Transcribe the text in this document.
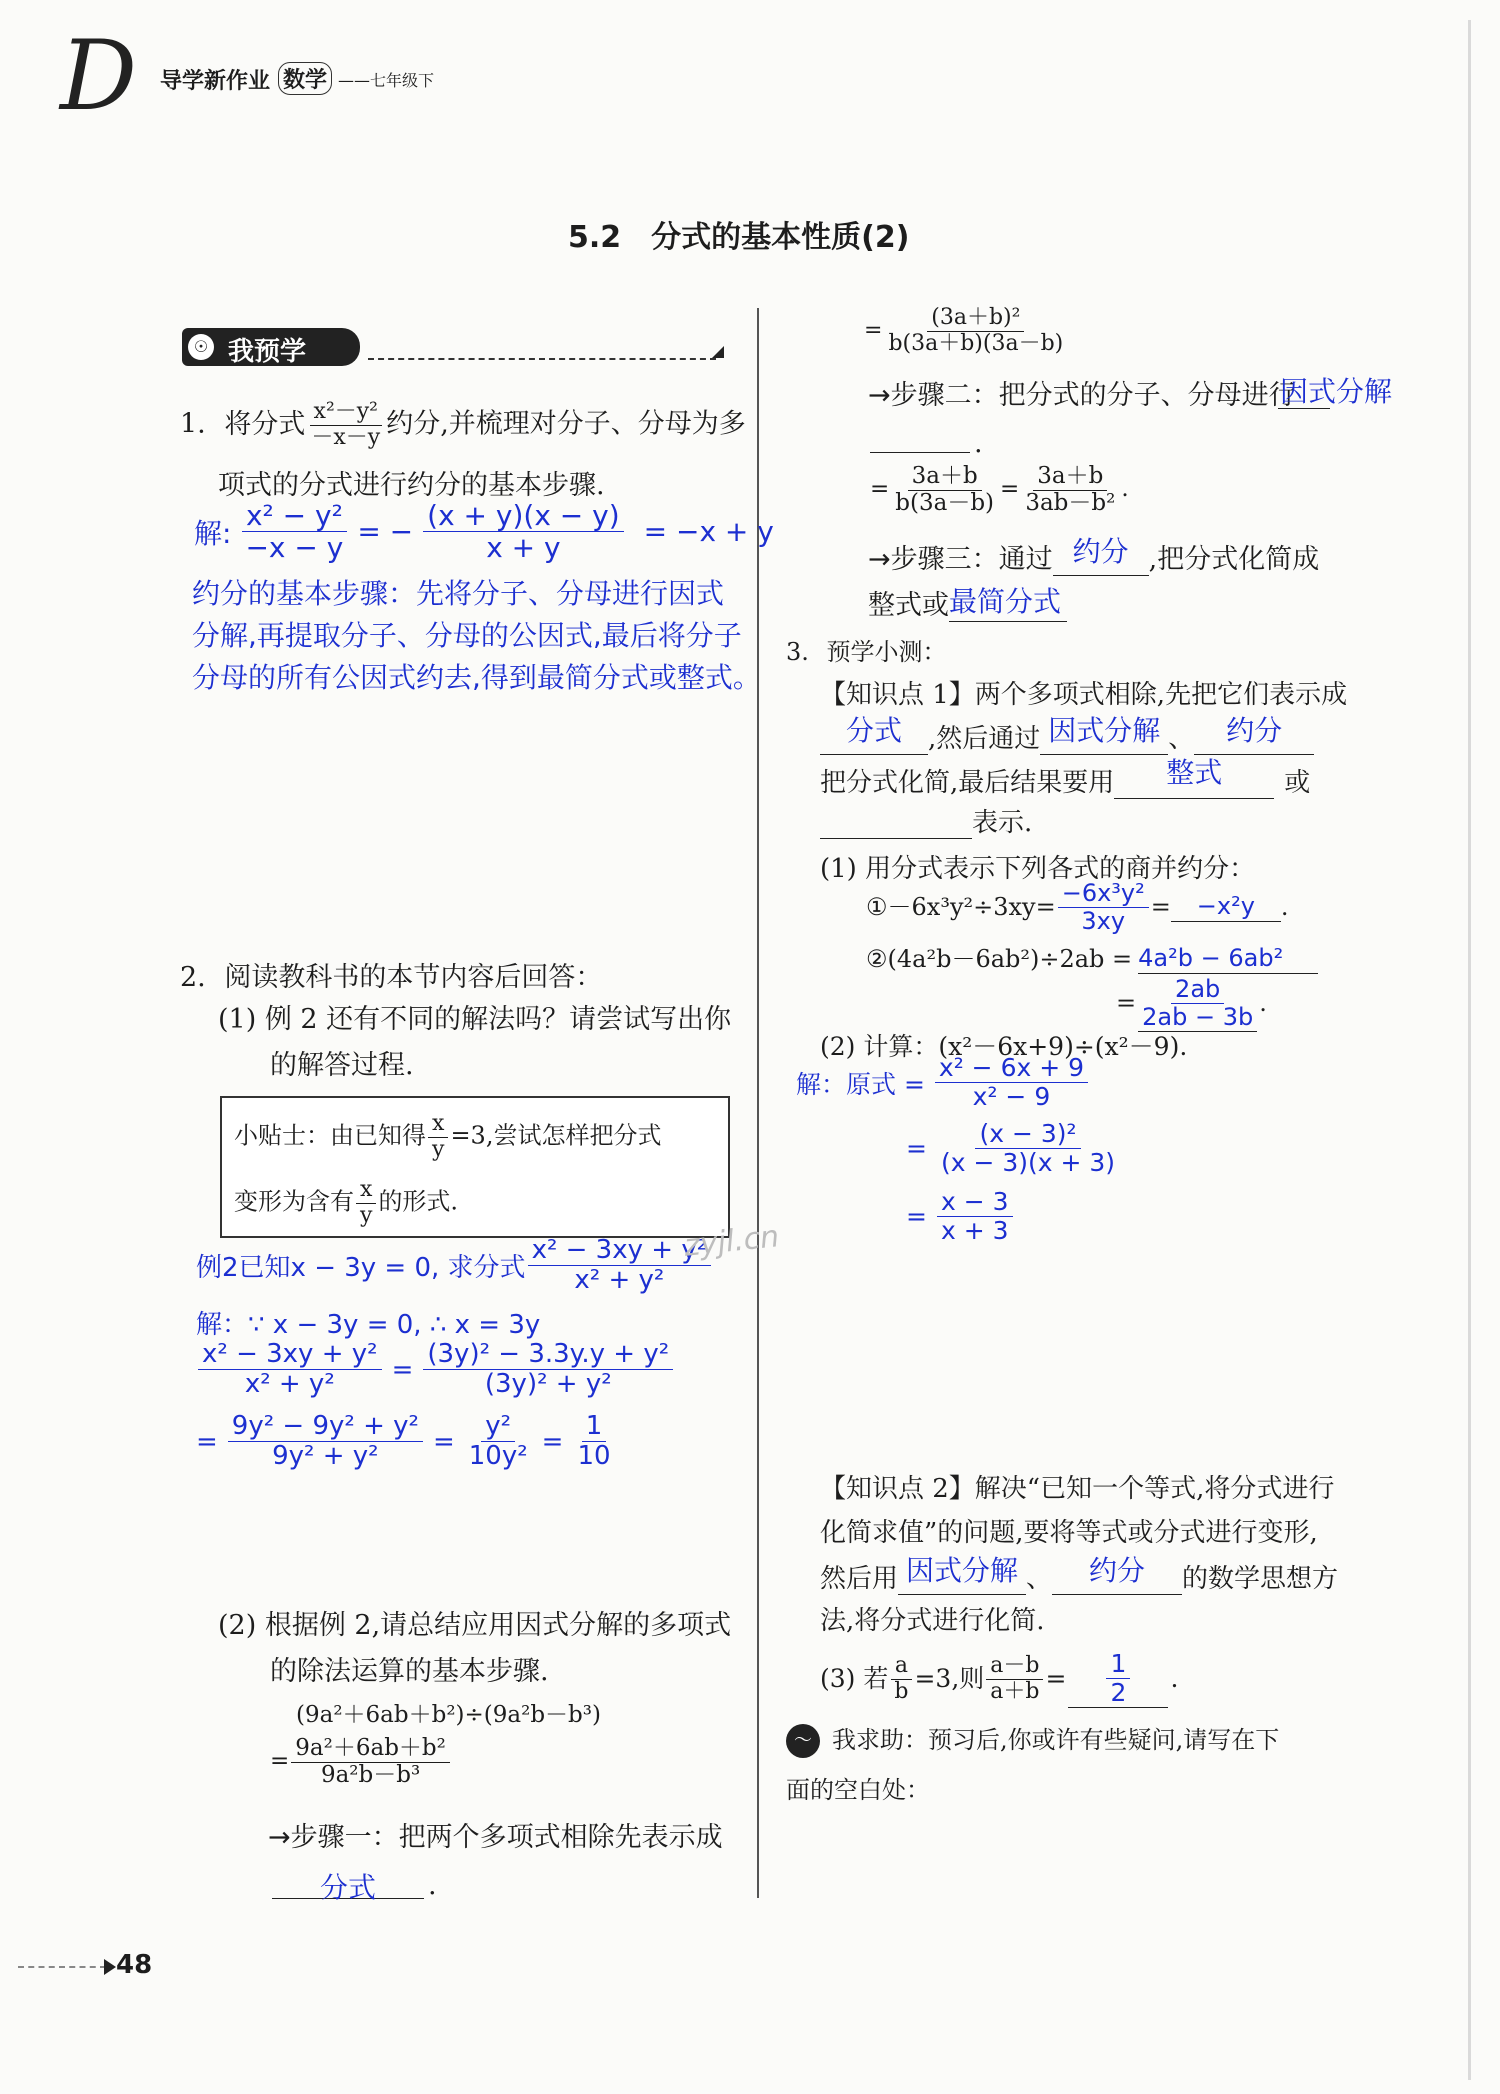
D 导学新作业 数学 ——七年级下
5.2　分式的基本性质(2)
☉ 我预学
1. 将分式 $\frac{\text{x²－y²}}{-x-y}$ 约分,并梳理对分子、分母为多
项式的分式进行约分的基本步骤.
解: $\frac{\text{x² − y²}}{-x - y}$ = − $\frac{(x + y)(x - y)}{x + y} = -x + y$
约分的基本步骤：先将分子、分母进行因式
分解,再提取分子、分母的公因式,最后将分子
分母的所有公因式约去,得到最简分式或整式。
2. 阅读教科书的本节内容后回答：
(1) 例 2 还有不同的解法吗？请尝试写出你
的解答过程.
小贴士：由已知得 $\frac{x}{y} =3$,尝试怎样把分式
变形为含有 $\frac{x}{y}$ 的形式.
例2已知x − 3y = 0, 求分式 $\frac{\text{x² − 3xy + y²}}{\text{x² + y²}}$
解：∵ x − 3y = 0, ∴ x = 3y
$\frac{\text{x² − 3xy + y²}}{\text{x² + y²}} = \frac{\text{(3y)² − 3.3y.y + y²}}{\text{(3y)² + y²}}$
= $\frac{\text{9y² − 9y² + y²}}{\text{9y² + y²}} = \frac{\text{y²}}{\text{10y²}} = \frac{1}{10}$
(2) 根据例 2,请总结应用因式分解的多项式
的除法运算的基本步骤.
(9a²＋6ab＋b²)÷(9a²b－b³)
= $\frac{\text{9a²＋6ab＋b²}}{\text{9a²b－b³}}$
→步骤一：把两个多项式相除先表示成
分式	.
= $\frac{\text{(3a＋b)²}}{b(3a+b)(3a-b)}$
→步骤二：把分式的分子、分母进行
因式分解
.
= $\frac{3a+b}{b(3a-b)} = \frac{3a+b}{\text{3ab－b²}}$ .
→步骤三：通过 约分 ,把分式化简成
整式或最简分式
3. 预学小测：
【知识点 1】两个多项式相除,先把它们表示成
分式 ,然后通过 因式分解 、 约分
把分式化简,最后结果要用 整式 或
表示.
(1) 用分式表示下列各式的商并约分：
①－6x³y²÷3xy= $\frac{\text{−6x³y²}}{3xy}$ =	−x²y	.
②(4a²b－6ab²)÷2ab = 4a²b − 6ab²
= $\frac{2ab}{2ab - 3b}$ .
(2) 计算：(x²－6x+9)÷(x²－9).
解：原式 = $\frac{\text{x² − 6x + 9}}{\text{x² − 9}}$
= $\frac{\text{(x − 3)²}}{(x - 3)(x + 3)}$
= $\frac{x - 3}{x + 3}$
zyjl.cn
【知识点 2】解决“已知一个等式,将分式进行
化简求值”的问题,要将等式或分式进行变形,
然后用 因式分解 、 约分 的数学思想方
法,将分式进行化简.
(3) 若 $\frac{a}{b} =3$,则 $\frac{a-b}{a+b} = \frac{1}{2}$ .
〜 我求助：预习后,你或许有些疑问,请写在下
面的空白处：
48
